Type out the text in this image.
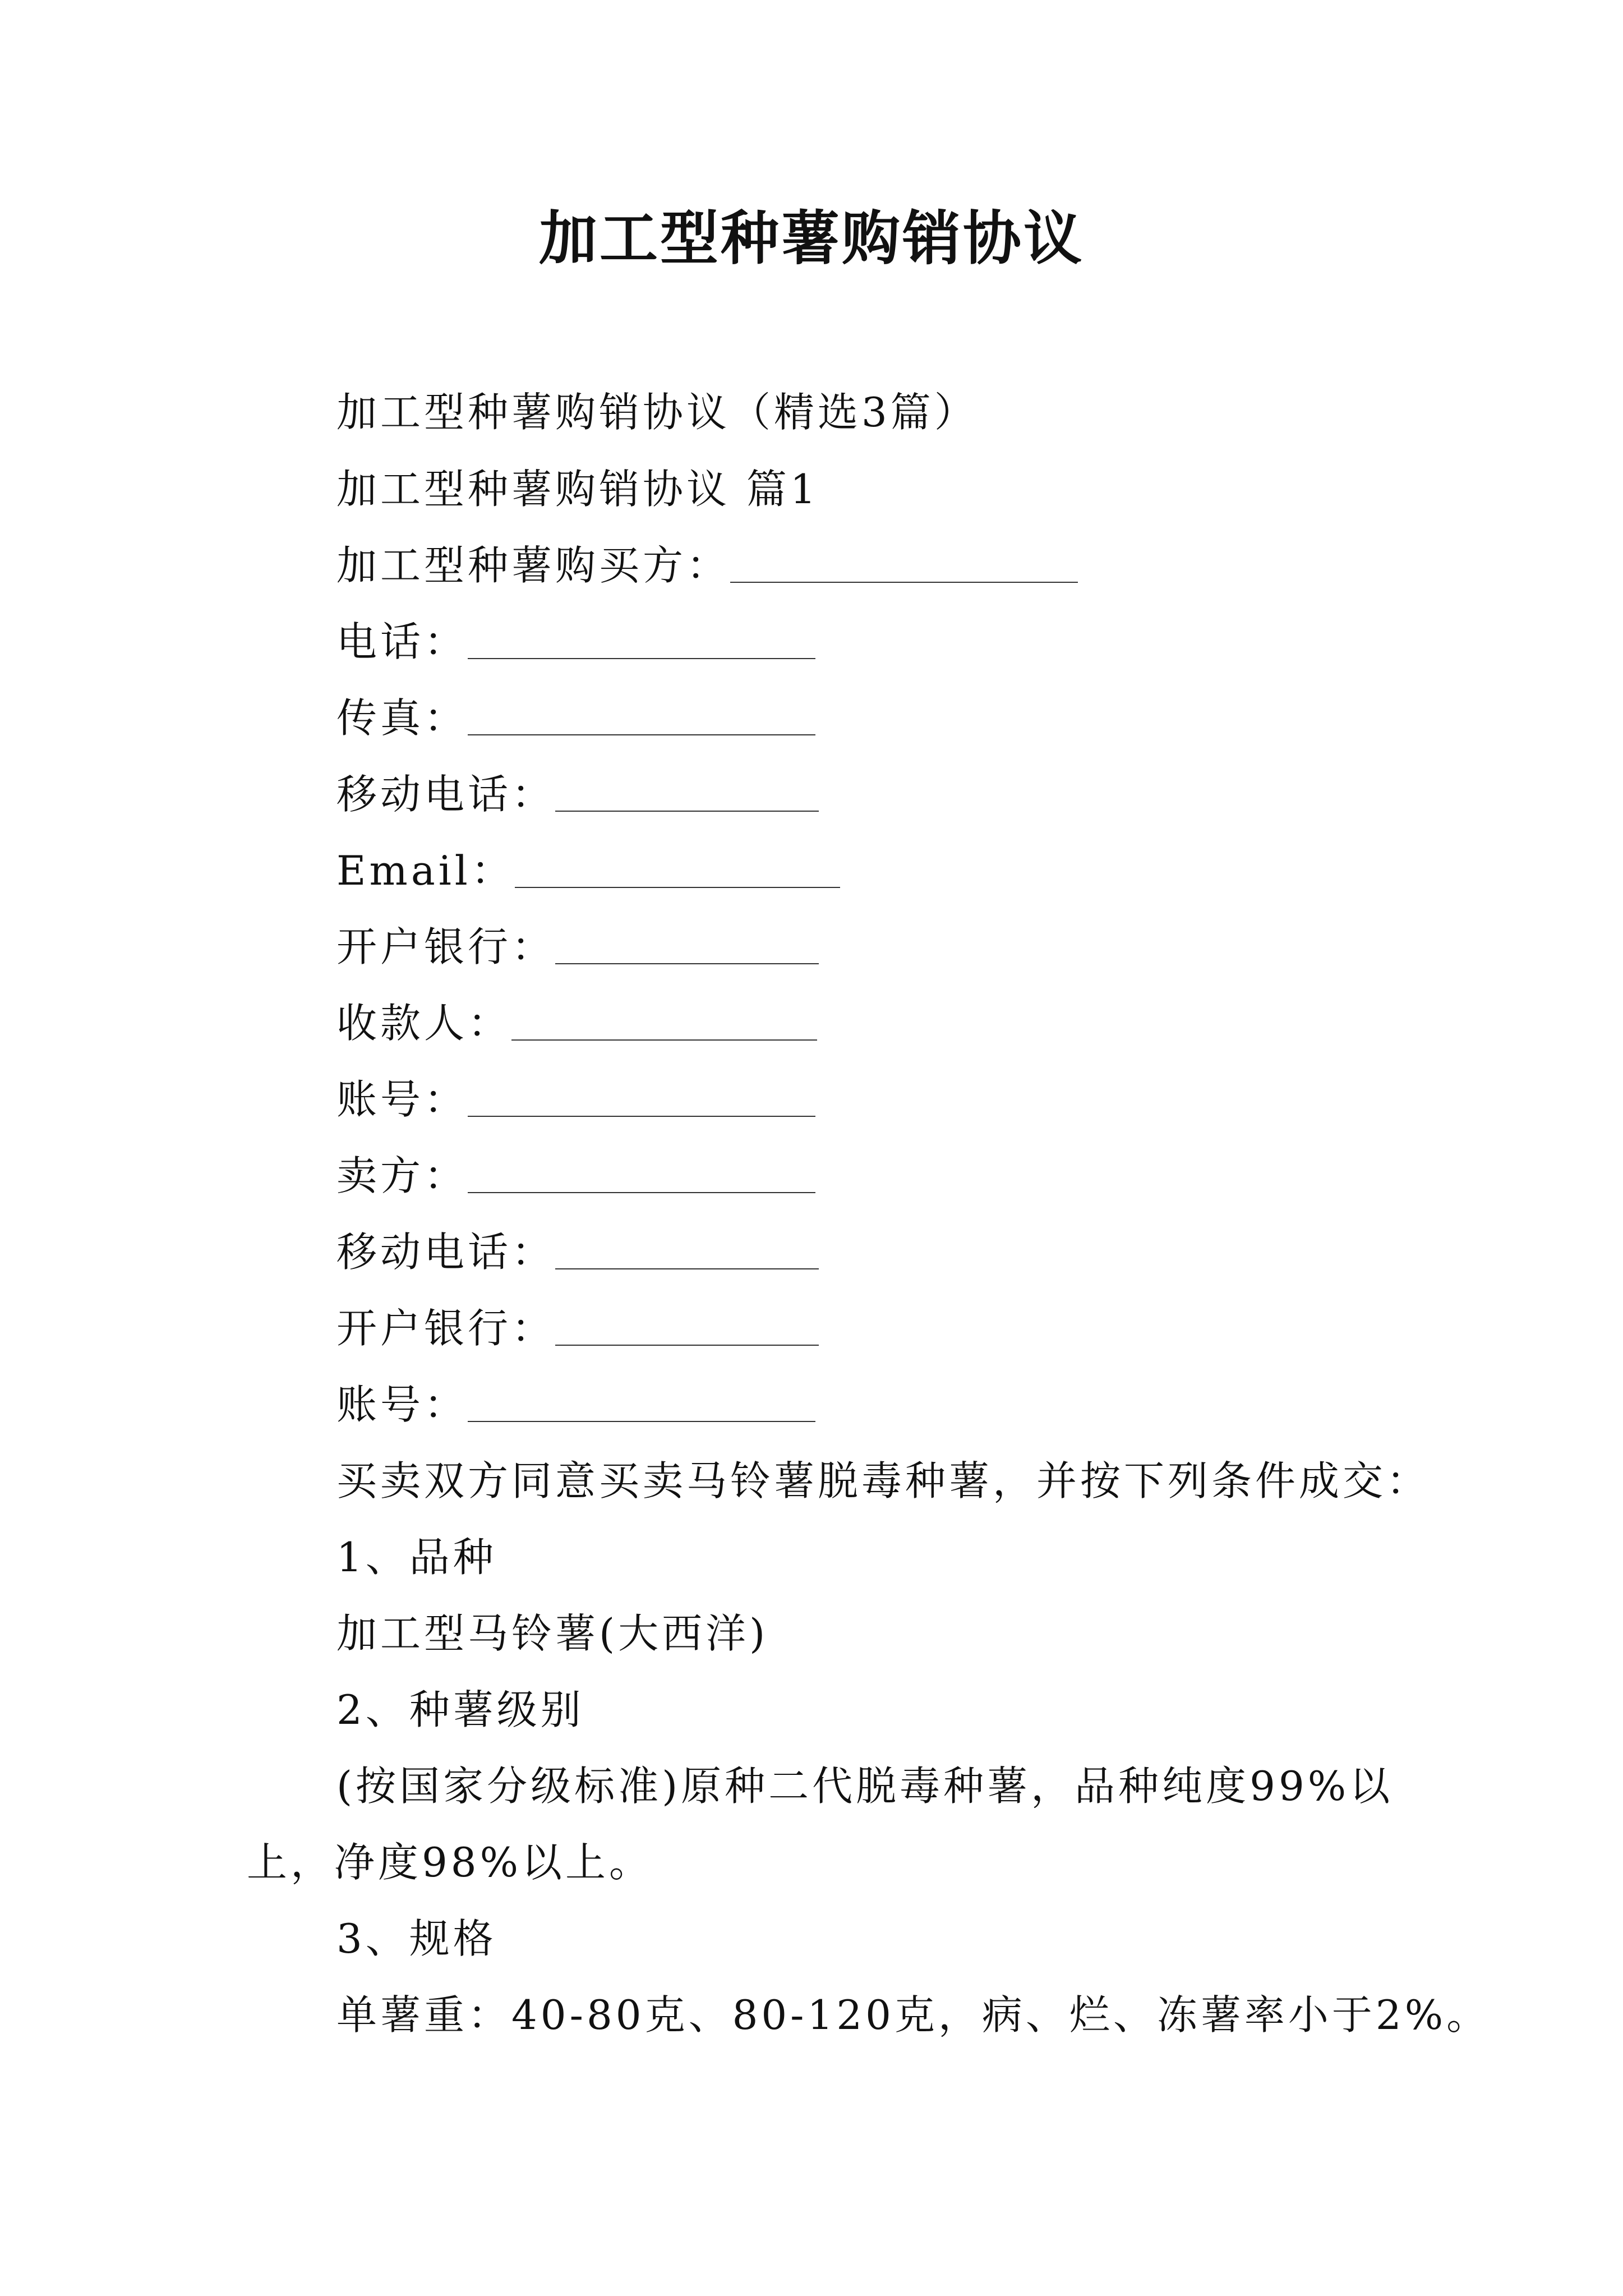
加工型种薯购销协议
加工型种薯购销协议（精选3篇）
加工型种薯购销协议 篇1
加工型种薯购买方：
电话：
传真：
移动电话：
Email：
开户银行：
收款人：
账号：
卖方：
移动电话：
开户银行：
账号：
买卖双方同意买卖马铃薯脱毒种薯，并按下列条件成交：
1、品种
加工型马铃薯(大西洋)
2、种薯级别
(按国家分级标准)原种二代脱毒种薯，品种纯度99%以
上，净度98%以上。
3、规格
单薯重：40-80克、80-120克，病、烂、冻薯率小于2%。
